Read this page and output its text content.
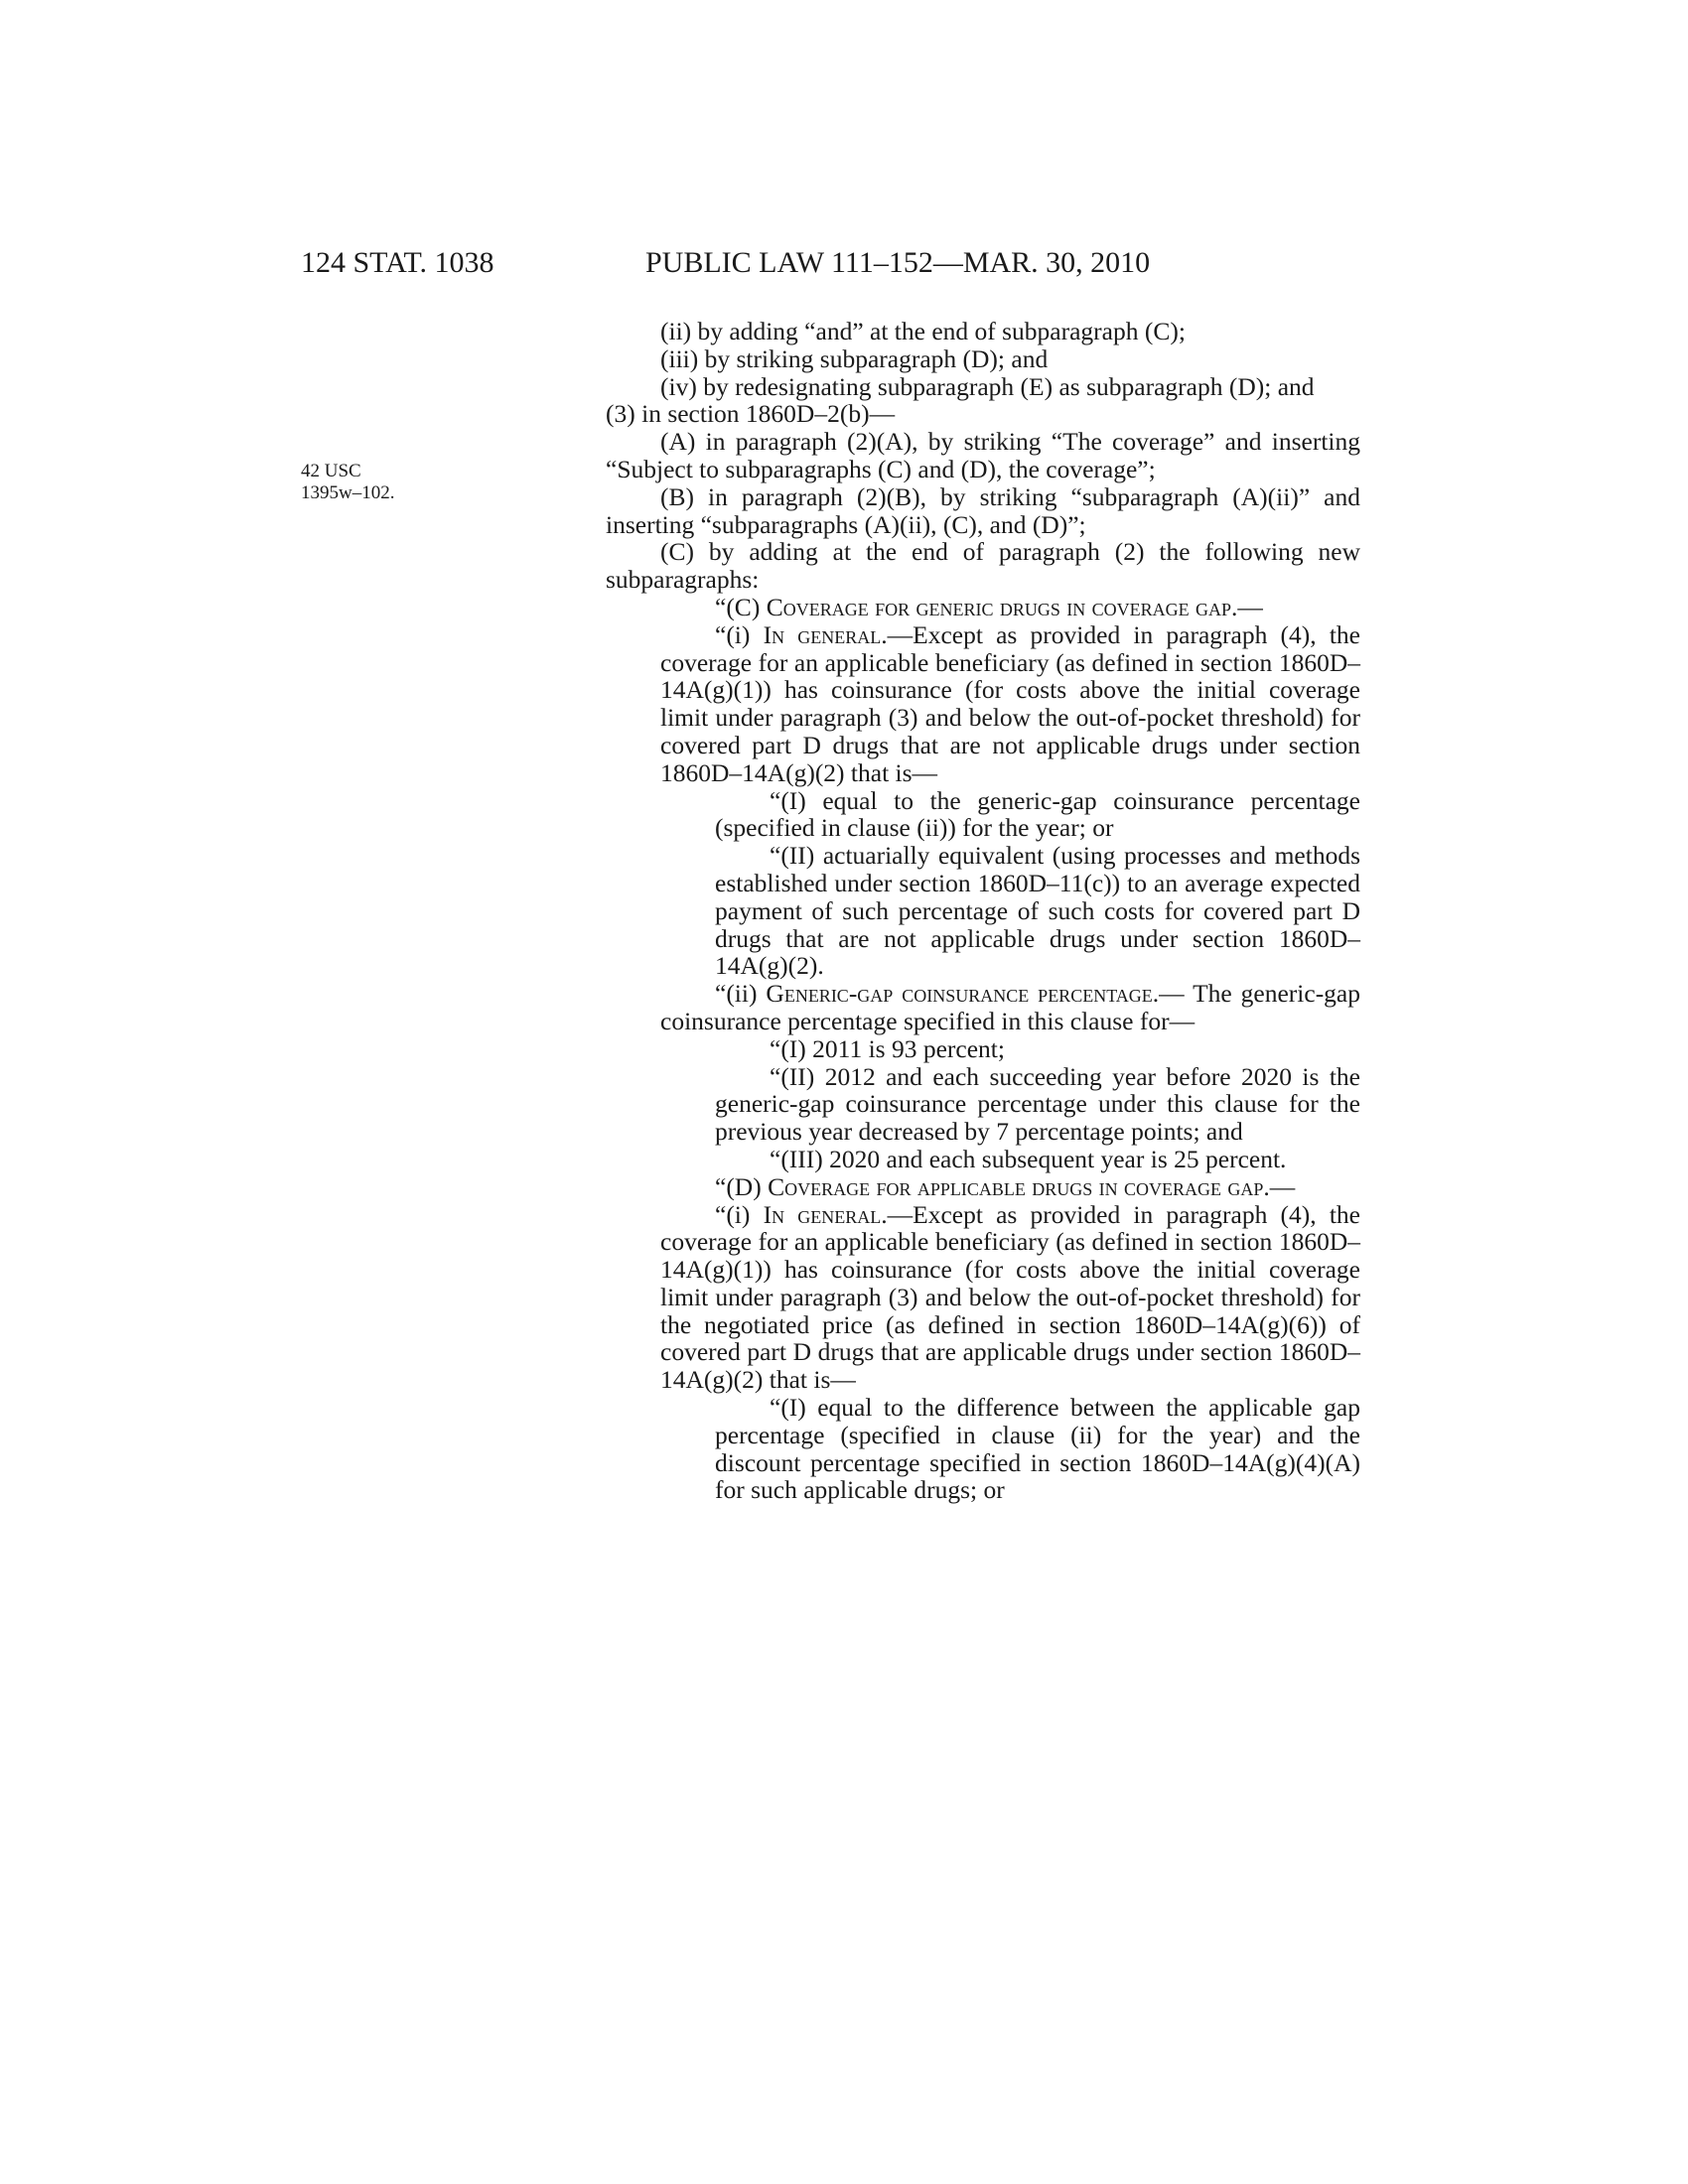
124 STAT. 1038	PUBLIC LAW 111–152—MAR. 30, 2010
42 USC
1395w–102.
(ii) by adding “and” at the end of subparagraph (C);
(iii) by striking subparagraph (D); and
(iv) by redesignating subparagraph (E) as subparagraph (D); and
(3) in section 1860D–2(b)—
(A) in paragraph (2)(A), by striking “The coverage” and inserting “Subject to subparagraphs (C) and (D), the coverage”;
(B) in paragraph (2)(B), by striking “subparagraph (A)(ii)” and inserting “subparagraphs (A)(ii), (C), and (D)”;
(C) by adding at the end of paragraph (2) the following new subparagraphs:
“(C) Coverage for generic drugs in coverage gap.—
“(i) In general.—Except as provided in paragraph (4), the coverage for an applicable beneficiary (as defined in section 1860D–14A(g)(1)) has coinsurance (for costs above the initial coverage limit under paragraph (3) and below the out-of-pocket threshold) for covered part D drugs that are not applicable drugs under section 1860D–14A(g)(2) that is—
“(I) equal to the generic-gap coinsurance percentage (specified in clause (ii)) for the year; or
“(II) actuarially equivalent (using processes and methods established under section 1860D–11(c)) to an average expected payment of such percentage of such costs for covered part D drugs that are not applicable drugs under section 1860D–14A(g)(2).
“(ii) Generic-gap coinsurance percentage.— The generic-gap coinsurance percentage specified in this clause for—
“(I) 2011 is 93 percent;
“(II) 2012 and each succeeding year before 2020 is the generic-gap coinsurance percentage under this clause for the previous year decreased by 7 percentage points; and
“(III) 2020 and each subsequent year is 25 percent.
“(D) Coverage for applicable drugs in coverage gap.—
“(i) In general.—Except as provided in paragraph (4), the coverage for an applicable beneficiary (as defined in section 1860D–14A(g)(1)) has coinsurance (for costs above the initial coverage limit under paragraph (3) and below the out-of-pocket threshold) for the negotiated price (as defined in section 1860D–14A(g)(6)) of covered part D drugs that are applicable drugs under section 1860D–14A(g)(2) that is—
“(I) equal to the difference between the applicable gap percentage (specified in clause (ii) for the year) and the discount percentage specified in section 1860D–14A(g)(4)(A) for such applicable drugs; or
